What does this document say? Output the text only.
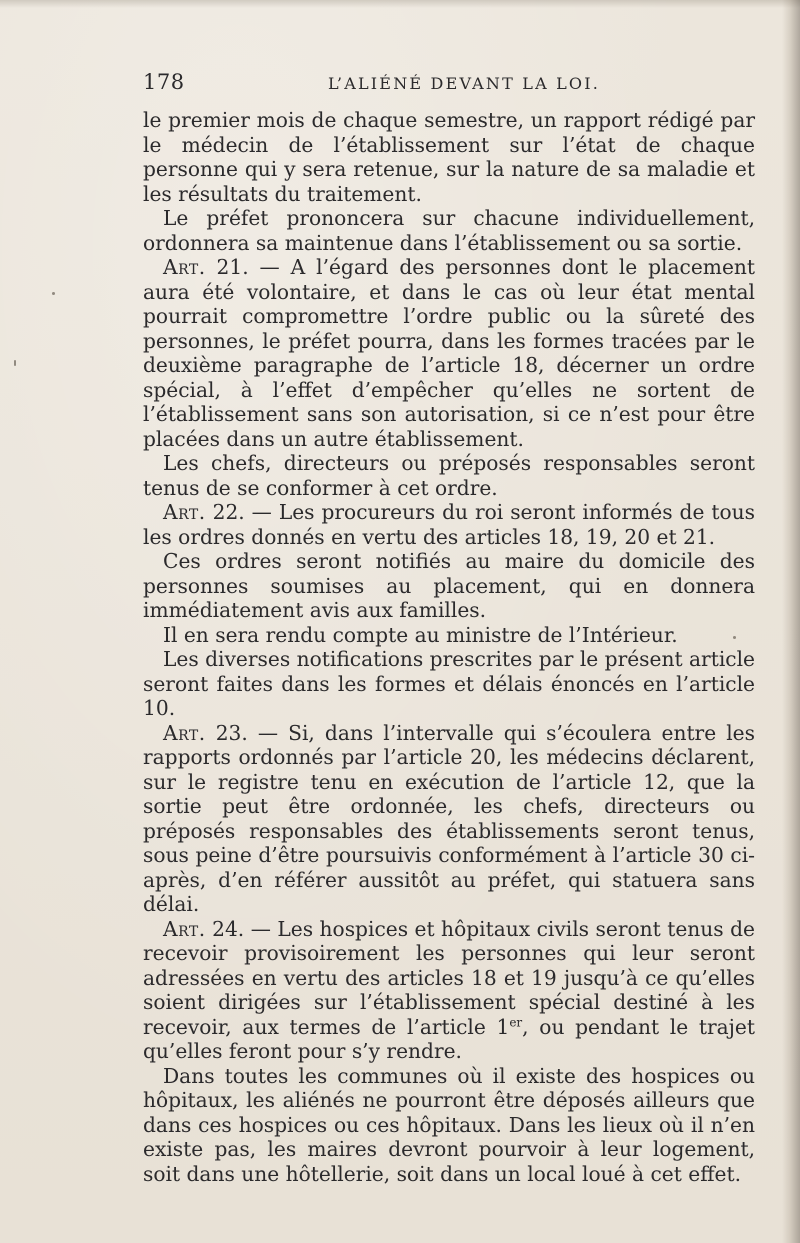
178	L’ALIÉNÉ DEVANT LA LOI.

le premier mois de chaque semestre, un rapport rédigé par le médecin de l’établissement sur l’état de chaque personne qui y sera retenue, sur la nature de sa maladie et les résultats du traitement.

Le préfet prononcera sur chacune individuellement, ordonnera sa maintenue dans l’établissement ou sa sortie.

Art. 21. — A l’égard des personnes dont le placement aura été volontaire, et dans le cas où leur état mental pourrait compromettre l’ordre public ou la sûreté des personnes, le préfet pourra, dans les formes tracées par le deuxième paragraphe de l’article 18, décerner un ordre spécial, à l’effet d’empêcher qu’elles ne sortent de l’établissement sans son autorisation, si ce n’est pour être placées dans un autre établissement.

Les chefs, directeurs ou préposés responsables seront tenus de se conformer à cet ordre.

Art. 22. — Les procureurs du roi seront informés de tous les ordres donnés en vertu des articles 18, 19, 20 et 21.

Ces ordres seront notifiés au maire du domicile des personnes soumises au placement, qui en donnera immédiatement avis aux familles.

Il en sera rendu compte au ministre de l’Intérieur.

Les diverses notifications prescrites par le présent article seront faites dans les formes et délais énoncés en l’article 10.

Art. 23. — Si, dans l’intervalle qui s’écoulera entre les rapports ordonnés par l’article 20, les médecins déclarent, sur le registre tenu en exécution de l’article 12, que la sortie peut être ordonnée, les chefs, directeurs ou préposés responsables des établissements seront tenus, sous peine d’être poursuivis conformément à l’article 30 ci-après, d’en référer aussitôt au préfet, qui statuera sans délai.

Art. 24. — Les hospices et hôpitaux civils seront tenus de recevoir provisoirement les personnes qui leur seront adressées en vertu des articles 18 et 19 jusqu’à ce qu’elles soient dirigées sur l’établissement spécial destiné à les recevoir, aux termes de l’article 1er, ou pendant le trajet qu’elles feront pour s’y rendre.

Dans toutes les communes où il existe des hospices ou hôpitaux, les aliénés ne pourront être déposés ailleurs que dans ces hospices ou ces hôpitaux. Dans les lieux où il n’en existe pas, les maires devront pourvoir à leur logement, soit dans une hôtellerie, soit dans un local loué à cet effet.
